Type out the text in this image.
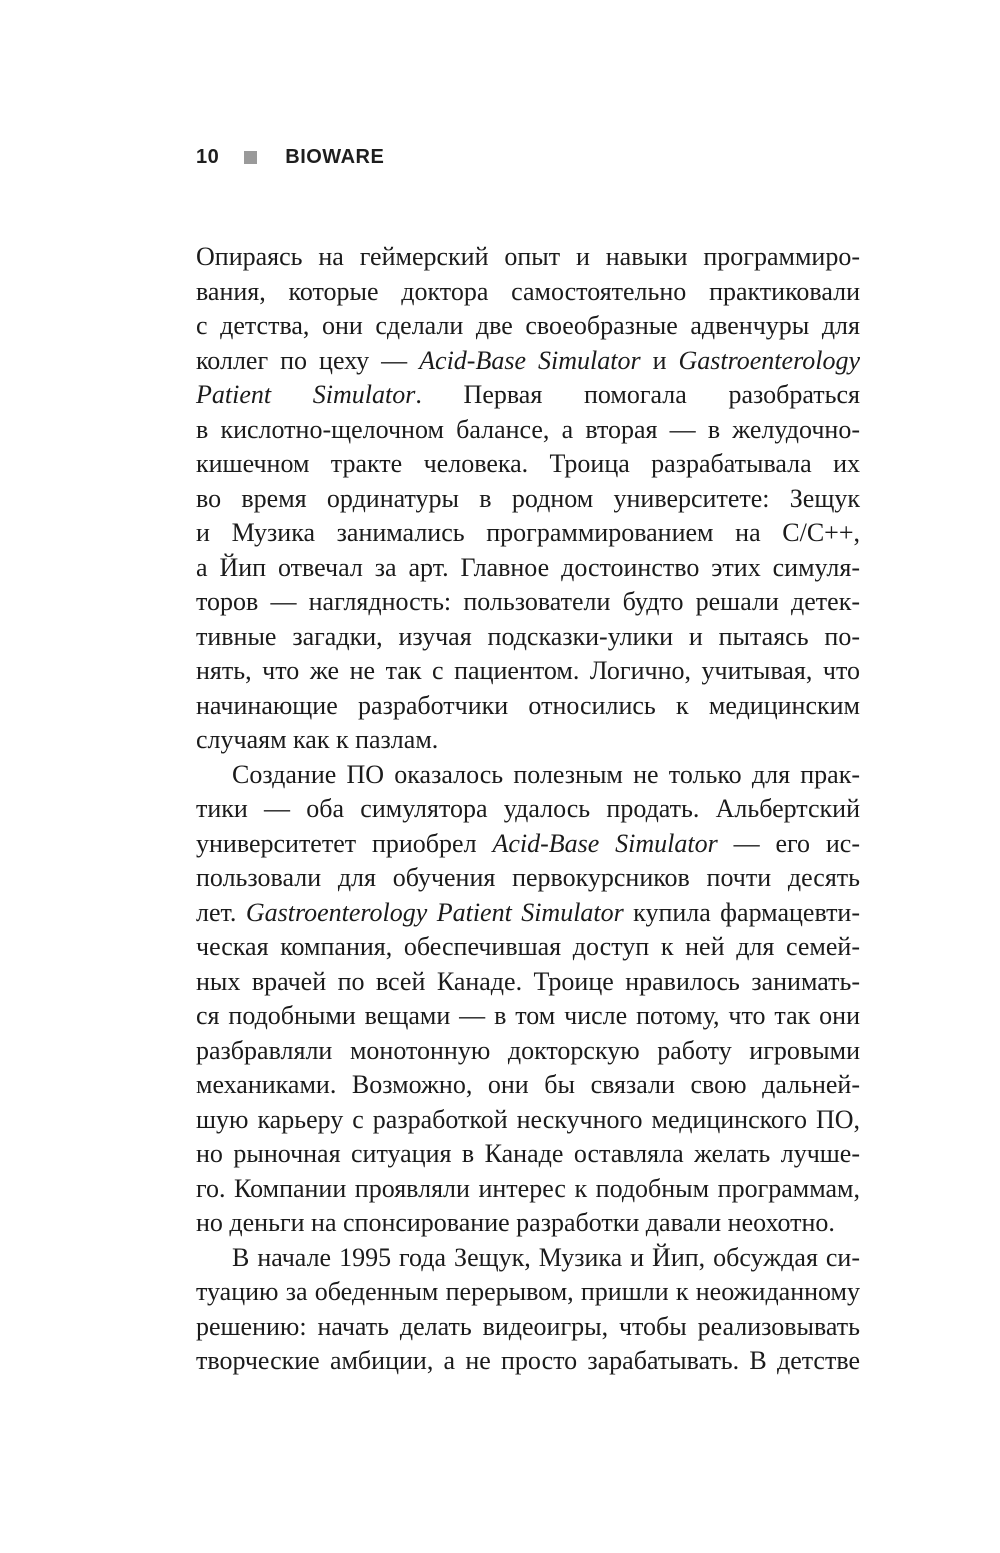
10	BIOWARE
Опираясь на геймерский опыт и навыки программиро-
вания, которые доктора самостоятельно практиковали
с детства, они сделали две своеобразные адвенчуры для
коллег по цеху — Acid-Base Simulator и Gastroenterology
Patient Simulator. Первая помогала разобраться
в кислотно-щелочном балансе, а вторая — в желудочно-
кишечном тракте человека. Троица разрабатывала их
во время ординатуры в родном университете: Зещук
и Музика занимались программированием на C/C++,
а Йип отвечал за арт. Главное достоинство этих симуля-
торов — наглядность: пользователи будто решали детек-
тивные загадки, изучая подсказки-улики и пытаясь по-
нять, что же не так с пациентом. Логично, учитывая, что
начинающие разработчики относились к медицинским
случаям как к пазлам.
Создание ПО оказалось полезным не только для прак-
тики — оба симулятора удалось продать. Альбертский
университетет приобрел Acid-Base Simulator — его ис-
пользовали для обучения первокурсников почти десять
лет. Gastroenterology Patient Simulator купила фармацевти-
ческая компания, обеспечившая доступ к ней для семей-
ных врачей по всей Канаде. Троице нравилось занимать-
ся подобными вещами — в том числе потому, что так они
разбравляли монотонную докторскую работу игровыми
механиками. Возможно, они бы связали свою дальней-
шую карьеру с разработкой нескучного медицинского ПО,
но рыночная ситуация в Канаде оставляла желать лучше-
го. Компании проявляли интерес к подобным программам,
но деньги на спонсирование разработки давали неохотно.
В начале 1995 года Зещук, Музика и Йип, обсуждая си-
туацию за обеденным перерывом, пришли к неожиданному
решению: начать делать видеоигры, чтобы реализовывать
творческие амбиции, а не просто зарабатывать. В детстве
